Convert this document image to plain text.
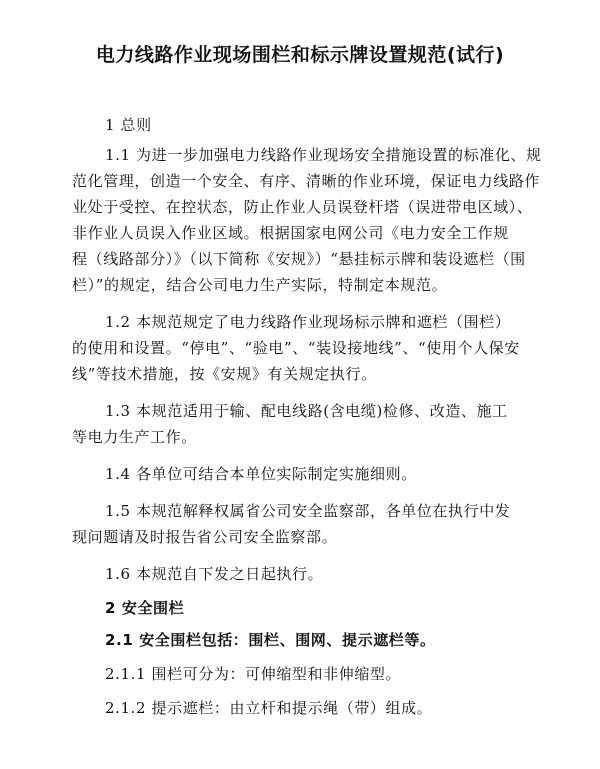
电力线路作业现场围栏和标示牌设置规范(试行)
1 总则
1.1 为进一步加强电力线路作业现场安全措施设置的标准化、规
范化管理，创造一个安全、有序、清晰的作业环境，保证电力线路作
业处于受控、在控状态，防止作业人员误登杆塔（误进带电区域）、
非作业人员误入作业区域。根据国家电网公司《电力安全工作规
程（线路部分）》（以下简称《安规》）“悬挂标示牌和装设遮栏（围
栏）”的规定，结合公司电力生产实际，特制定本规范。
1.2 本规范规定了电力线路作业现场标示牌和遮栏（围栏）
的使用和设置。“停电”、“验电”、“装设接地线”、“使用个人保安
线”等技术措施，按《安规》有关规定执行。
1.3 本规范适用于输、配电线路(含电缆)检修、改造、施工
等电力生产工作。
1.4 各单位可结合本单位实际制定实施细则。
1.5 本规范解释权属省公司安全监察部，各单位在执行中发
现问题请及时报告省公司安全监察部。
1.6 本规范自下发之日起执行。
2 安全围栏
2.1 安全围栏包括：围栏、围网、提示遮栏等。
2.1.1 围栏可分为：可伸缩型和非伸缩型。
2.1.2 提示遮栏：由立杆和提示绳（带）组成。
